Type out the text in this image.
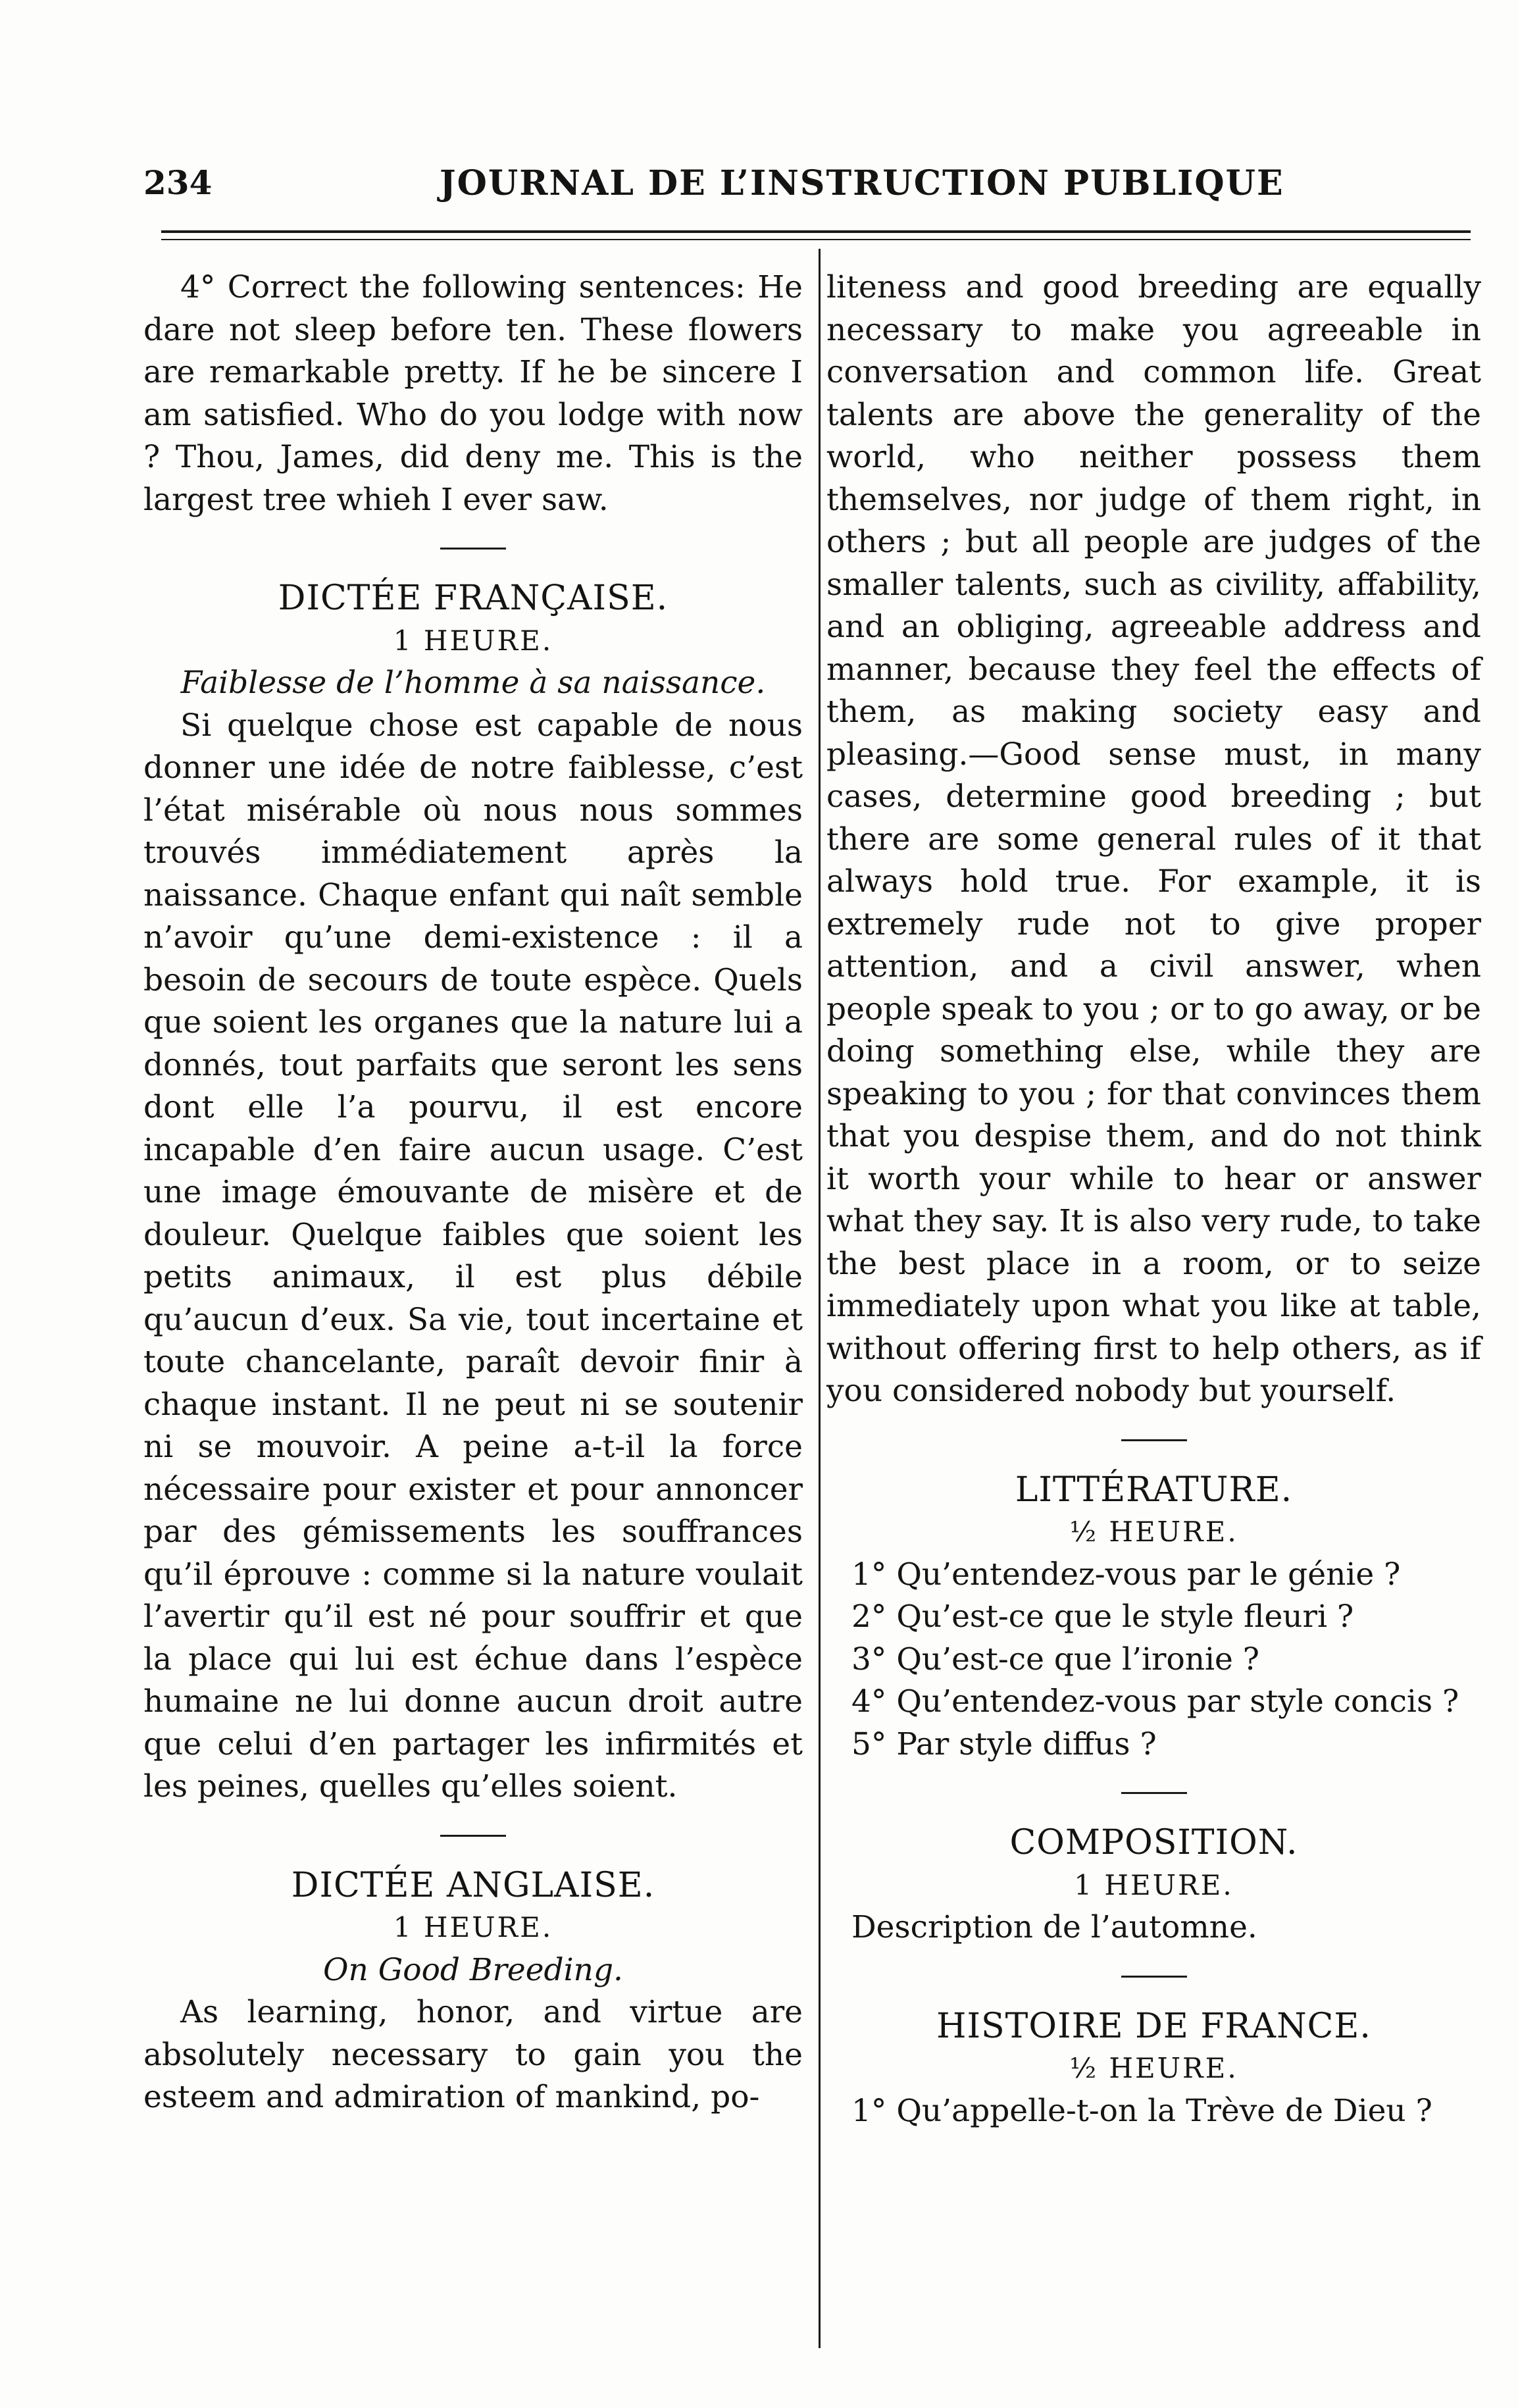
234	JOURNAL DE L’INSTRUCTION PUBLIQUE

4° Correct the following sentences: He dare not sleep before ten. These flowers are remarkable pretty. If he be sincere I am satisfied. Who do you lodge with now ? Thou, James, did deny me. This is the largest tree whieh I ever saw.

DICTÉE FRANÇAISE.
1 HEURE.
Faiblesse de l’homme à sa naissance.

Si quelque chose est capable de nous donner une idée de notre faiblesse, c’est l’état misérable où nous nous sommes trouvés immédiatement après la naissance. Chaque enfant qui naît semble n’avoir qu’une demi-existence : il a besoin de secours de toute espèce. Quels que soient les organes que la nature lui a donnés, tout parfaits que seront les sens dont elle l’a pourvu, il est encore incapable d’en faire aucun usage. C’est une image émouvante de misère et de douleur. Quelque faibles que soient les petits animaux, il est plus débile qu’aucun d’eux. Sa vie, tout incertaine et toute chancelante, paraît devoir finir à chaque instant. Il ne peut ni se soutenir ni se mouvoir. A peine a-t-il la force nécessaire pour exister et pour annoncer par des gémissements les souffrances qu’il éprouve : comme si la nature voulait l’avertir qu’il est né pour souffrir et que la place qui lui est échue dans l’espèce humaine ne lui donne aucun droit autre que celui d’en partager les infirmités et les peines, quelles qu’elles soient.

DICTÉE ANGLAISE.
1 HEURE.
On Good Breeding.

As learning, honor, and virtue are absolutely necessary to gain you the esteem and admiration of mankind, po-

liteness and good breeding are equally necessary to make you agreeable in conversation and common life. Great talents are above the generality of the world, who neither possess them themselves, nor judge of them right, in others ; but all people are judges of the smaller talents, such as civility, affability, and an obliging, agreeable address and manner, because they feel the effects of them, as making society easy and pleasing.—Good sense must, in many cases, determine good breeding ; but there are some general rules of it that always hold true. For example, it is extremely rude not to give proper attention, and a civil answer, when people speak to you ; or to go away, or be doing something else, while they are speaking to you ; for that convinces them that you despise them, and do not think it worth your while to hear or answer what they say. It is also very rude, to take the best place in a room, or to seize immediately upon what you like at table, without offering first to help others, as if you considered nobody but yourself.

LITTÉRATURE.
½ HEURE.
1° Qu’entendez-vous par le génie ?
2° Qu’est-ce que le style fleuri ?
3° Qu’est-ce que l’ironie ?
4° Qu’entendez-vous par style concis ?
5° Par style diffus ?
COMPOSITION.
1 HEURE.
Description de l’automne.
HISTOIRE DE FRANCE.
½ HEURE.
1° Qu’appelle-t-on la Trève de Dieu ?
